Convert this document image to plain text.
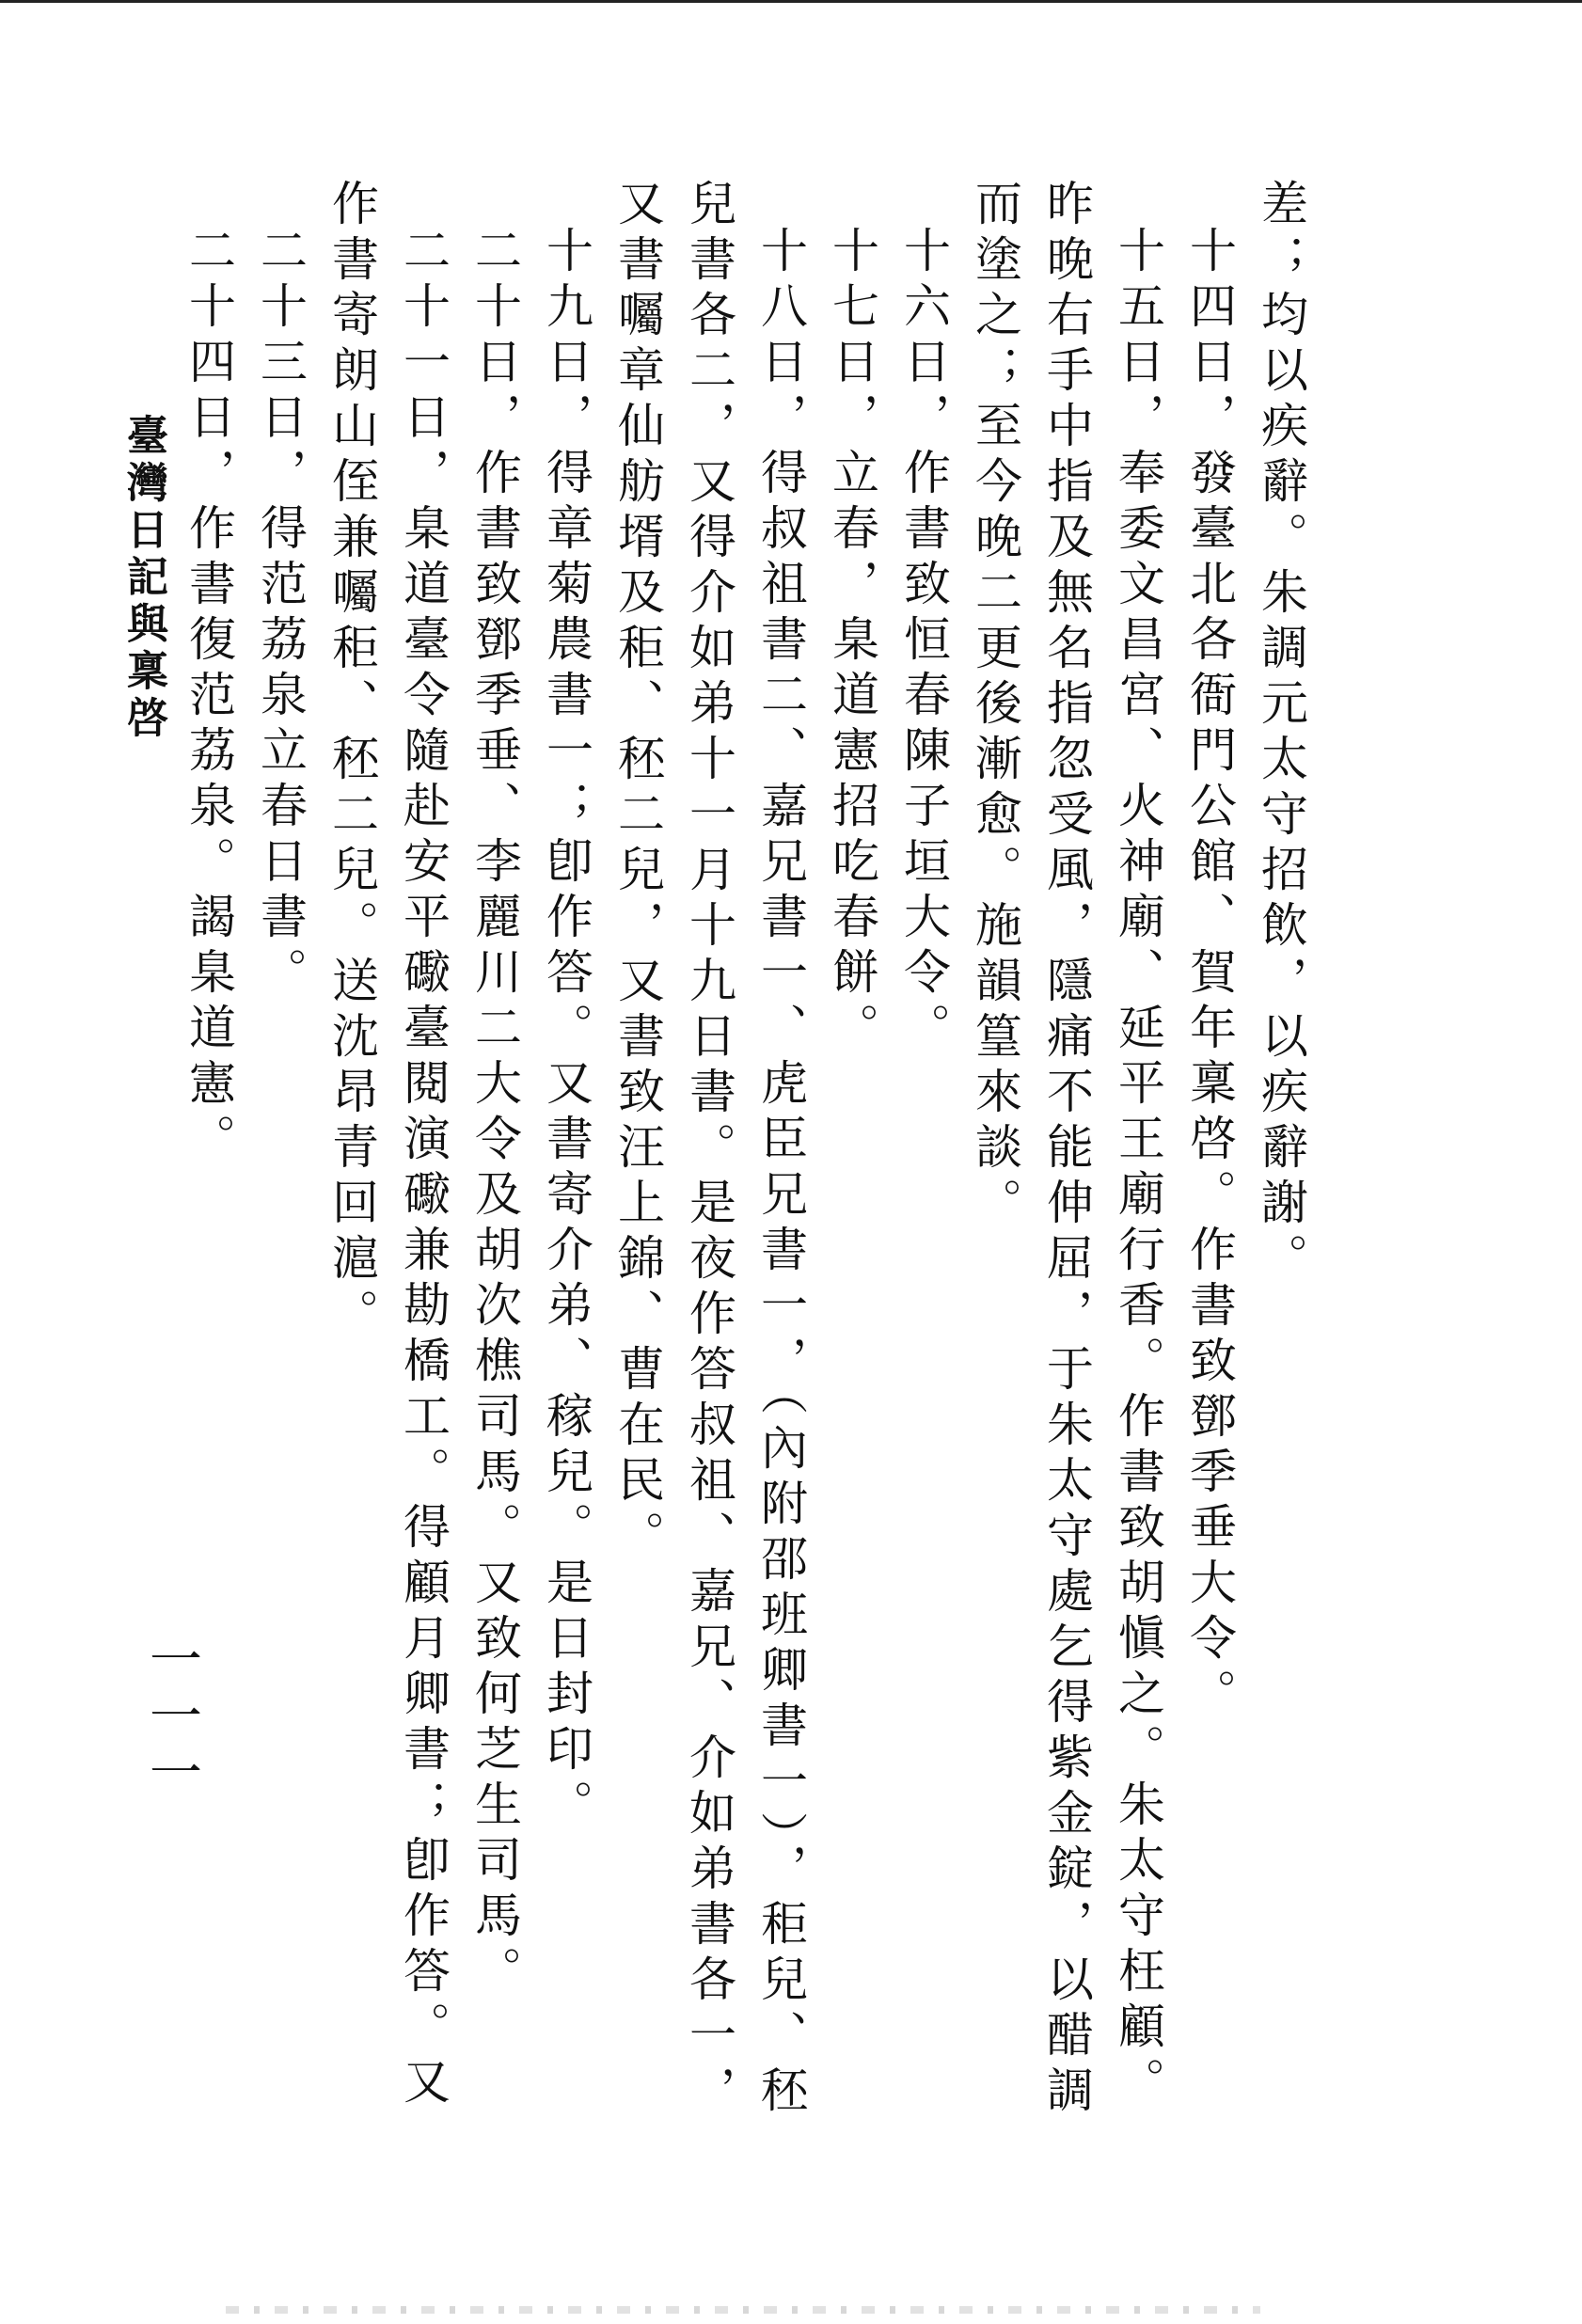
差；均以疾辭。朱調元太守招飲，以疾辭謝。

十四日，發臺北各衙門公館、賀年稟啓。作書致鄧季垂大令。

十五日，奉委文昌宮、火神廟、延平王廟行香。作書致胡愼之。朱太守枉顧。昨晚右手中指及無名指忽受風，隱痛不能伸屈，于朱太守處乞得紫金錠，以醋調而塗之；至今晚二更後漸愈。施韻篁來談。

十六日，作書致恒春陳子垣大令。

十七日，立春，臬道憲招吃春餅。

十八日，得叔祖書二、嘉兄書一、虎臣兄書一，（內附邵班卿書一），秬兒、秠兒書各二，又得介如弟十一月十九日書。是夜作答叔祖、嘉兄、介如弟書各一，又書囑章仙舫壻及秬、秠二兒，又書致汪上錦、曹在民。

十九日，得章菊農書一；卽作答。又書寄介弟、稼兒。是日封印。

二十日，作書致鄧季垂、李麗川二大令及胡次樵司馬。又致何芝生司馬。

二十一日，臬道臺令隨赴安平礮臺閱演礮兼勘橋工。得顧月卿書；卽作答。又作書寄朗山侄兼囑秬、秠二兒。送沈昂青回滬。

二十三日，得范荔泉立春日書。

二十四日，作書復范荔泉。謁臬道憲。

臺灣日記與稟啓
一一一
